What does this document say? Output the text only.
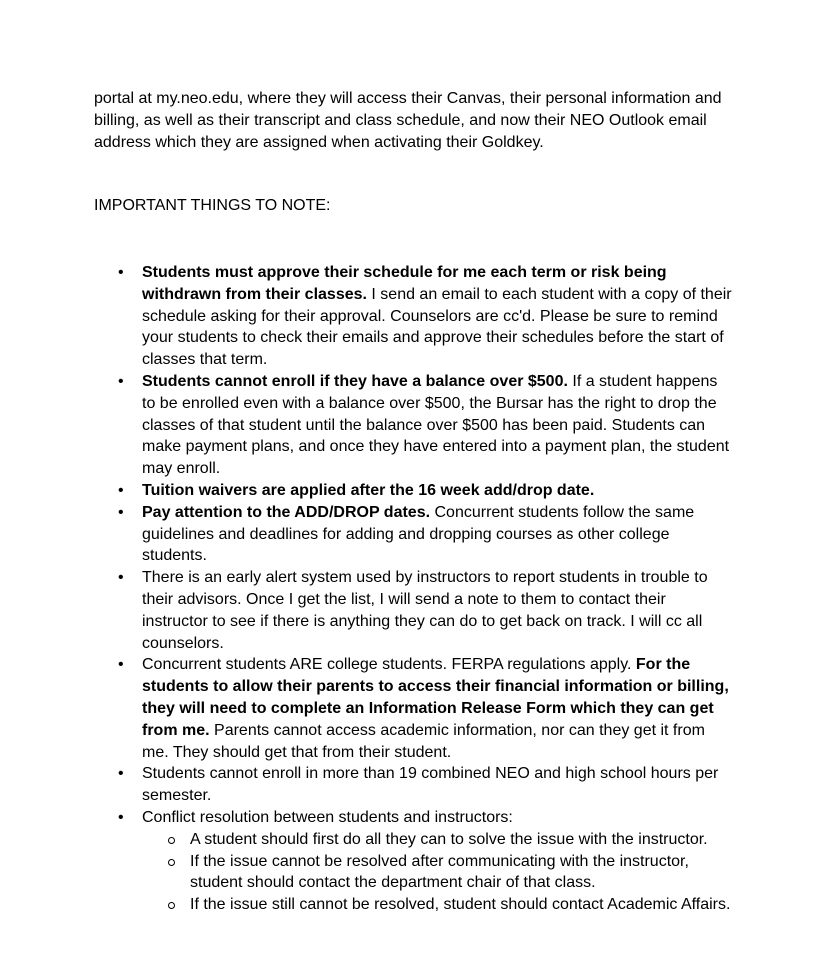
portal at my.neo.edu, where they will access their Canvas, their personal information and billing, as well as their transcript and class schedule, and now their NEO Outlook email address which they are assigned when activating their Goldkey.

IMPORTANT THINGS TO NOTE:

• Students must approve their schedule for me each term or risk being withdrawn from their classes. I send an email to each student with a copy of their schedule asking for their approval. Counselors are cc'd. Please be sure to remind your students to check their emails and approve their schedules before the start of classes that term.
• Students cannot enroll if they have a balance over $500. If a student happens to be enrolled even with a balance over $500, the Bursar has the right to drop the classes of that student until the balance over $500 has been paid. Students can make payment plans, and once they have entered into a payment plan, the student may enroll.
• Tuition waivers are applied after the 16 week add/drop date.
• Pay attention to the ADD/DROP dates. Concurrent students follow the same guidelines and deadlines for adding and dropping courses as other college students.
• There is an early alert system used by instructors to report students in trouble to their advisors. Once I get the list, I will send a note to them to contact their instructor to see if there is anything they can do to get back on track. I will cc all counselors.
• Concurrent students ARE college students. FERPA regulations apply. For the students to allow their parents to access their financial information or billing, they will need to complete an Information Release Form which they can get from me. Parents cannot access academic information, nor can they get it from me. They should get that from their student.
• Students cannot enroll in more than 19 combined NEO and high school hours per semester.
• Conflict resolution between students and instructors:
A student should first do all they can to solve the issue with the instructor.
If the issue cannot be resolved after communicating with the instructor, student should contact the department chair of that class.
If the issue still cannot be resolved, student should contact Academic Affairs.
